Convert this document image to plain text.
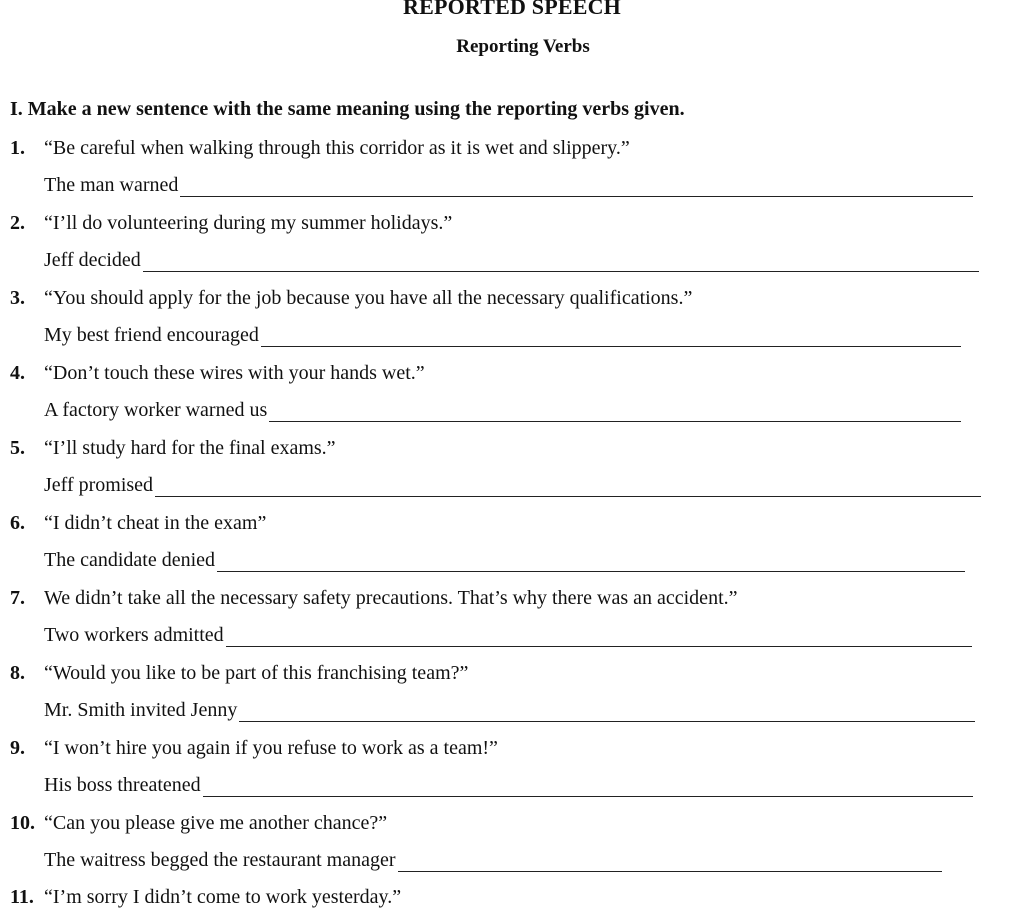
REPORTED SPEECH
Reporting Verbs
I. Make a new sentence with the same meaning using the reporting verbs given.
1. “Be careful when walking through this corridor as it is wet and slippery.”
The man warned
2. “I’ll do volunteering during my summer holidays.”
Jeff decided
3. “You should apply for the job because you have all the necessary qualifications.”
My best friend encouraged
4. “Don’t touch these wires with your hands wet.”
A factory worker warned us
5. “I’ll study hard for the final exams.”
Jeff promised
6. “I didn’t cheat in the exam”
The candidate denied
7. We didn’t take all the necessary safety precautions. That’s why there was an accident.”
Two workers admitted
8. “Would you like to be part of this franchising team?”
Mr. Smith invited Jenny
9. “I won’t hire you again if you refuse to work as a team!”
His boss threatened
10. “Can you please give me another chance?”
The waitress begged the restaurant manager
11. “I’m sorry I didn’t come to work yesterday.”
